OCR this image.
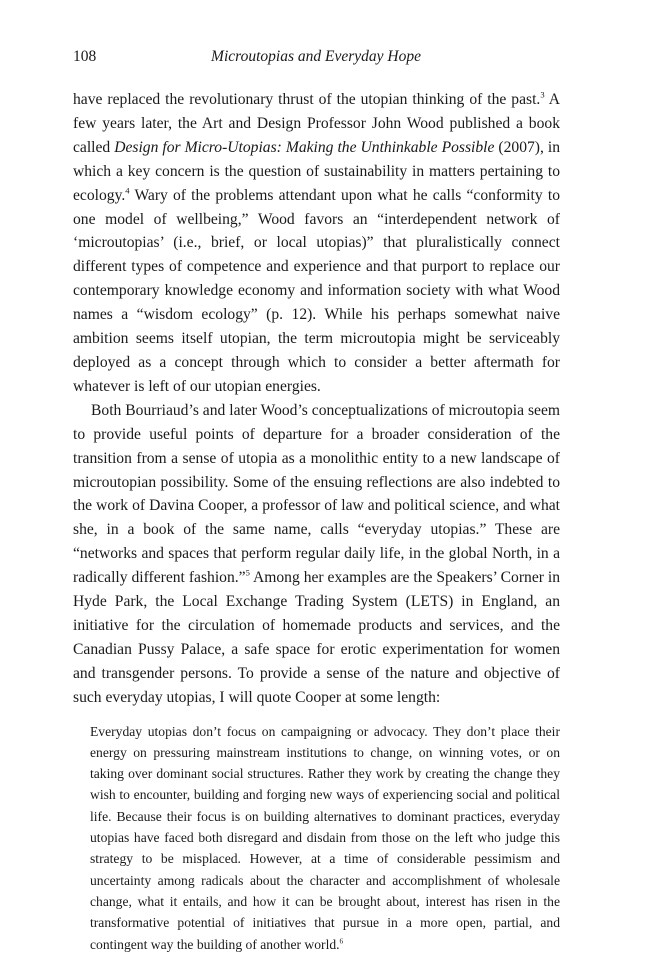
108	Microutopias and Everyday Hope

have replaced the revolutionary thrust of the utopian thinking of the past.$^3$ A few years later, the Art and Design Professor John Wood published a book called Design for Micro-Utopias: Making the Unthinkable Possible (2007), in which a key concern is the question of sustainability in matters pertaining to ecology.$^4$ Wary of the problems attendant upon what he calls “conformity to one model of wellbeing,” Wood favors an “interdependent network of ‘microutopias’ (i.e., brief, or local utopias)” that pluralistically connect different types of competence and experience and that purport to replace our contemporary knowledge economy and information society with what Wood names a “wisdom ecology” (p. 12). While his perhaps somewhat naive ambition seems itself utopian, the term microutopia might be serviceably deployed as a concept through which to consider a better aftermath for whatever is left of our utopian energies.

Both Bourriaud’s and later Wood’s conceptualizations of microutopia seem to provide useful points of departure for a broader consideration of the transition from a sense of utopia as a monolithic entity to a new landscape of microutopian possibility. Some of the ensuing reflections are also indebted to the work of Davina Cooper, a professor of law and political science, and what she, in a book of the same name, calls “everyday utopias.” These are “networks and spaces that perform regular daily life, in the global North, in a radically different fashion.”$^5$ Among her examples are the Speakers’ Corner in Hyde Park, the Local Exchange Trading System (LETS) in England, an initiative for the circulation of homemade products and services, and the Canadian Pussy Palace, a safe space for erotic experimentation for women and transgender persons. To provide a sense of the nature and objective of such everyday utopias, I will quote Cooper at some length:

Everyday utopias don’t focus on campaigning or advocacy. They don’t place their energy on pressuring mainstream institutions to change, on winning votes, or on taking over dominant social structures. Rather they work by creating the change they wish to encounter, building and forging new ways of experiencing social and political life. Because their focus is on building alternatives to dominant practices, everyday utopias have faced both disregard and disdain from those on the left who judge this strategy to be misplaced. However, at a time of considerable pessimism and uncertainty among radicals about the character and accomplishment of wholesale change, what it entails, and how it can be brought about, interest has risen in the transformative potential of initiatives that pursue in a more open, partial, and contingent way the building of another world.$^6$
